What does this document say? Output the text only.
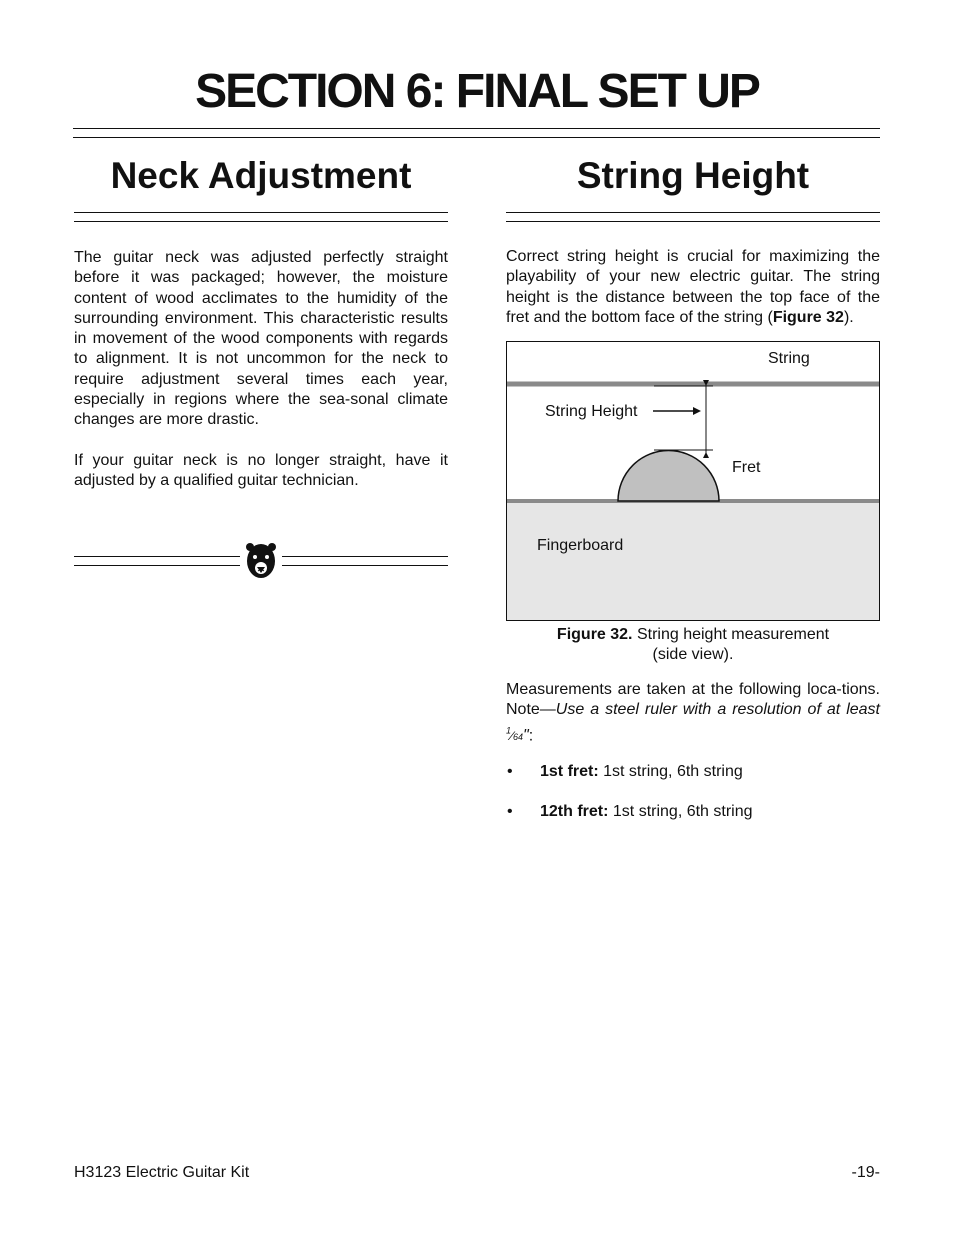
SECTION 6: FINAL SET UP
Neck Adjustment

The guitar neck was adjusted perfectly straight before it was packaged; however, the moisture content of wood acclimates to the humidity of the surrounding environment. This characteristic results in movement of the wood components with regards to alignment. It is not uncommon for the neck to require adjustment several times each year, especially in regions where the sea-sonal climate changes are more drastic.

If your guitar neck is no longer straight, have it adjusted by a qualified guitar technician.

String Height

Correct string height is crucial for maximizing the playability of your new electric guitar. The string height is the distance between the top face of the fret and the bottom face of the string (Figure 32).

String
String Height
Fret
Fingerboard
Figure 32. String height measurement
(side view).

Measurements are taken at the following loca-tions. Note—Use a steel ruler with a resolution of at least $^1$⁄64":

• 1st fret: 1st string, 6th string
• 12th fret: 1st string, 6th string
H3123 Electric Guitar Kit	-19-
